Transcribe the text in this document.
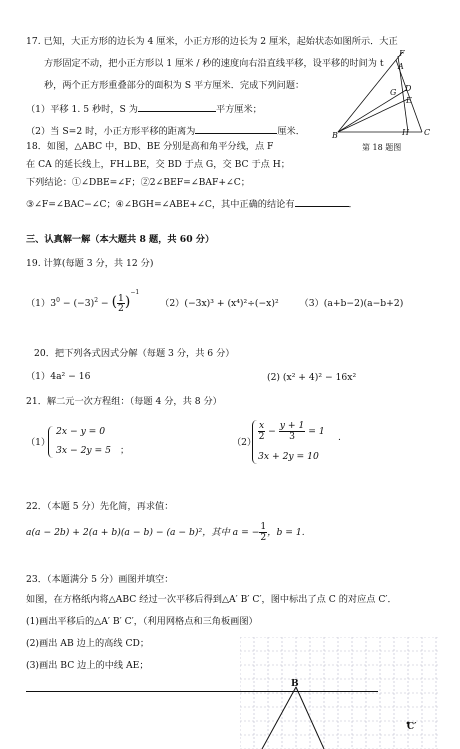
17. 已知，大正方形的边长为 4 厘米，小正方形的边长为 2 厘米，起始状态如图所示．大正
方形固定不动，把小正方形以 1 厘米 / 秒的速度向右沿直线平移，设平移的时间为 t
秒，两个正方形重叠部分的面积为 S 平方厘米．完成下列问题：
（1）平移 1. 5 秒时，S 为	平方厘米；
（2）当 S=2 时，小正方形平移的距离为	厘米．
18．如图，△ABC 中，BD、BE 分别是高和角平分线，点 F
在 CA 的延长线上，FH⊥BE，交 BD 于点 G，交 BC 于点 H；
下列结论：①∠DBE=∠F；②2∠BEF=∠BAF+∠C；
③∠F=∠BAC−∠C；④∠BGH=∠ABE+∠C，其中正确的结论有	．
F
A
G D
E
B	H C
第 18 题图
三、认真解一解（本大题共 8 题，共 60 分）
19. 计算(每题 3 分，共 12 分)
$(1)3^0 - (-3)^2$ − ( $\frac{1}{2} )^{-1}$ （2）(−3x)³ + (x⁴)²÷(−x)² （3）(a+b−2)(a−b+2)
20．把下列各式因式分解（每题 3 分，共 6 分）
（1）4a² − 16	(2) (x² + 4)² − 16x²
21．解二元一次方程组：（每题 4 分，共 8 分）
（1）
2x − y = 0
3x − 2y = 5 ；
（2）
$\frac{x}{2} - \frac{y + 1}{3} = 1$
.
3x + 2y = 10
22．（本题 5 分）先化简，再求值：
a(a − 2b) + 2(a + b)(a − b) − (a − b)²，其中 a = − $\frac{1}{2}$ ，b = 1.
23．（本题满分 5 分）画图并填空：
如图，在方格纸内将△ABC 经过一次平移后得到△A′ B′ C′，图中标出了点 C 的对应点 C′．
(1)画出平移后的△A′ B′ C′，（利用网格点和三角板画图）
(2)画出 AB 边上的高线 CD；
(3)画出 BC 边上的中线 AE；
B
C′
